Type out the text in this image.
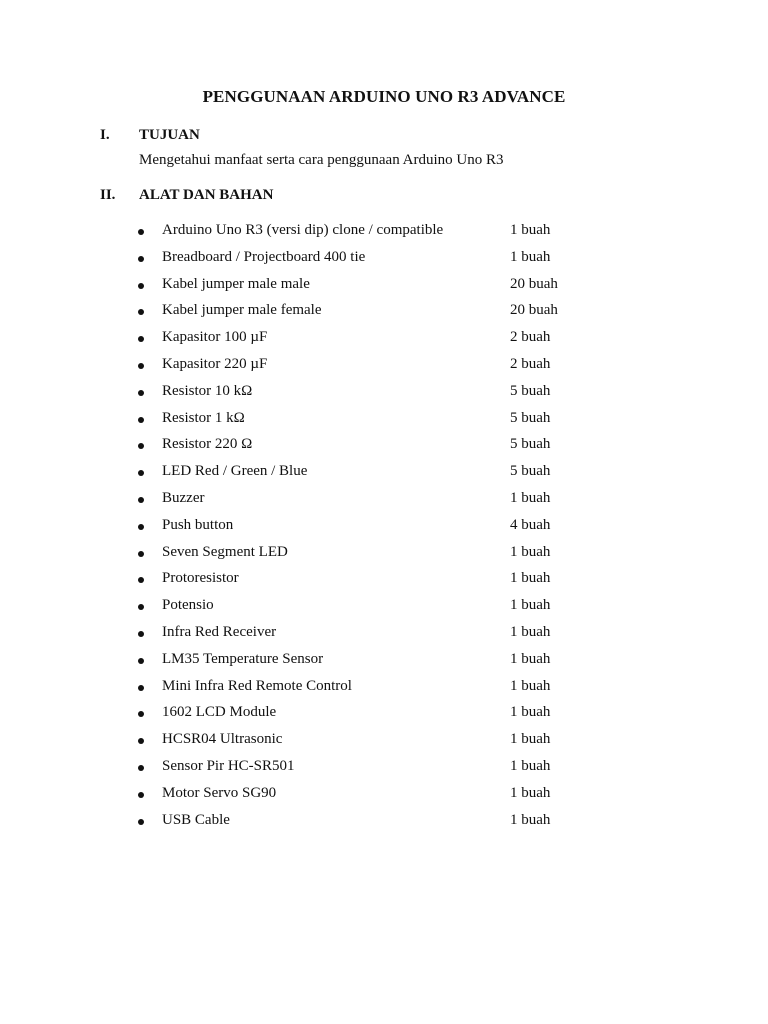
PENGGUNAAN ARDUINO UNO R3 ADVANCE
I. TUJUAN
Mengetahui manfaat serta cara penggunaan Arduino Uno R3
II. ALAT DAN BAHAN
Arduino Uno R3 (versi dip) clone / compatible	1 buah
Breadboard / Projectboard 400 tie	1 buah
Kabel jumper male male	20 buah
Kabel jumper male female	20 buah
Kapasitor 100 µF	2 buah
Kapasitor 220 µF	2 buah
Resistor 10 kΩ	5 buah
Resistor 1 kΩ	5 buah
Resistor 220 Ω	5 buah
LED Red / Green / Blue	5 buah
Buzzer	1 buah
Push button	4 buah
Seven Segment LED	1 buah
Protoresistor	1 buah
Potensio	1 buah
Infra Red Receiver	1 buah
LM35 Temperature Sensor	1 buah
Mini Infra Red Remote Control	1 buah
1602 LCD Module	1 buah
HCSR04 Ultrasonic	1 buah
Sensor Pir HC-SR501	1 buah
Motor Servo SG90	1 buah
USB Cable	1 buah
